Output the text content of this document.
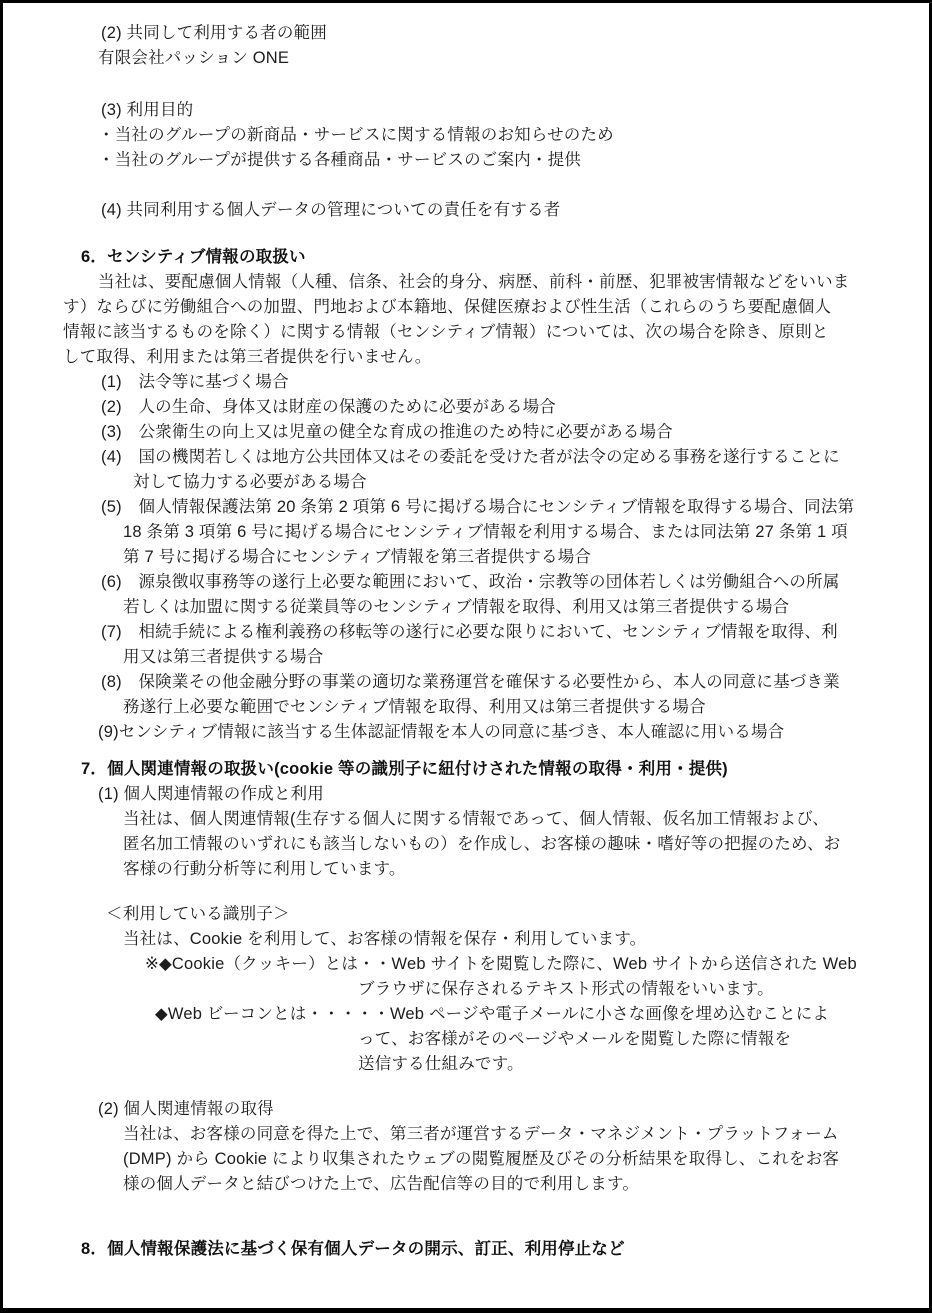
(2) 共同して利用する者の範囲
有限会社パッション ONE
(3) 利用目的
・当社のグループの新商品・サービスに関する情報のお知らせのため
・当社のグループが提供する各種商品・サービスのご案内・提供
(4) 共同利用する個人データの管理についての責任を有する者
6．センシティブ情報の取扱い
当社は、要配慮個人情報（人種、信条、社会的身分、病歴、前科・前歴、犯罪被害情報などをいいま
す）ならびに労働組合への加盟、門地および本籍地、保健医療および性生活（これらのうち要配慮個人
情報に該当するものを除く）に関する情報（センシティブ情報）については、次の場合を除き、原則と
して取得、利用または第三者提供を行いません。
(1)　法令等に基づく場合
(2)　人の生命、身体又は財産の保護のために必要がある場合
(3)　公衆衛生の向上又は児童の健全な育成の推進のため特に必要がある場合
(4)　国の機関若しくは地方公共団体又はその委託を受けた者が法令の定める事務を遂行することに
対して協力する必要がある場合
(5)　個人情報保護法第 20 条第 2 項第 6 号に掲げる場合にセンシティブ情報を取得する場合、同法第
18 条第 3 項第 6 号に掲げる場合にセンシティブ情報を利用する場合、または同法第 27 条第 1 項
第 7 号に掲げる場合にセンシティブ情報を第三者提供する場合
(6)　源泉徴収事務等の遂行上必要な範囲において、政治・宗教等の団体若しくは労働組合への所属
若しくは加盟に関する従業員等のセンシティブ情報を取得、利用又は第三者提供する場合
(7)　相続手続による権利義務の移転等の遂行に必要な限りにおいて、センシティブ情報を取得、利
用又は第三者提供する場合
(8)　保険業その他金融分野の事業の適切な業務運営を確保する必要性から、本人の同意に基づき業
務遂行上必要な範囲でセンシティブ情報を取得、利用又は第三者提供する場合
(9)センシティブ情報に該当する生体認証情報を本人の同意に基づき、本人確認に用いる場合
7．個人関連情報の取扱い(cookie 等の識別子に紐付けされた情報の取得・利用・提供)
(1) 個人関連情報の作成と利用
当社は、個人関連情報(生存する個人に関する情報であって、個人情報、仮名加工情報および、
匿名加工情報のいずれにも該当しないもの）を作成し、お客様の趣味・嗜好等の把握のため、お
客様の行動分析等に利用しています。
＜利用している識別子＞
当社は、Cookie を利用して、お客様の情報を保存・利用しています。
※◆Cookie（クッキー）とは・・Web サイトを閲覧した際に、Web サイトから送信された Web
ブラウザに保存されるテキスト形式の情報をいいます。
◆Web ビーコンとは・・・・・Web ページや電子メールに小さな画像を埋め込むことによ
って、お客様がそのページやメールを閲覧した際に情報を
送信する仕組みです。
(2) 個人関連情報の取得
当社は、お客様の同意を得た上で、第三者が運営するデータ・マネジメント・プラットフォーム
(DMP) から Cookie により収集されたウェブの閲覧履歴及びその分析結果を取得し、これをお客
様の個人データと結びつけた上で、広告配信等の目的で利用します。
8．個人情報保護法に基づく保有個人データの開示、訂正、利用停止など
